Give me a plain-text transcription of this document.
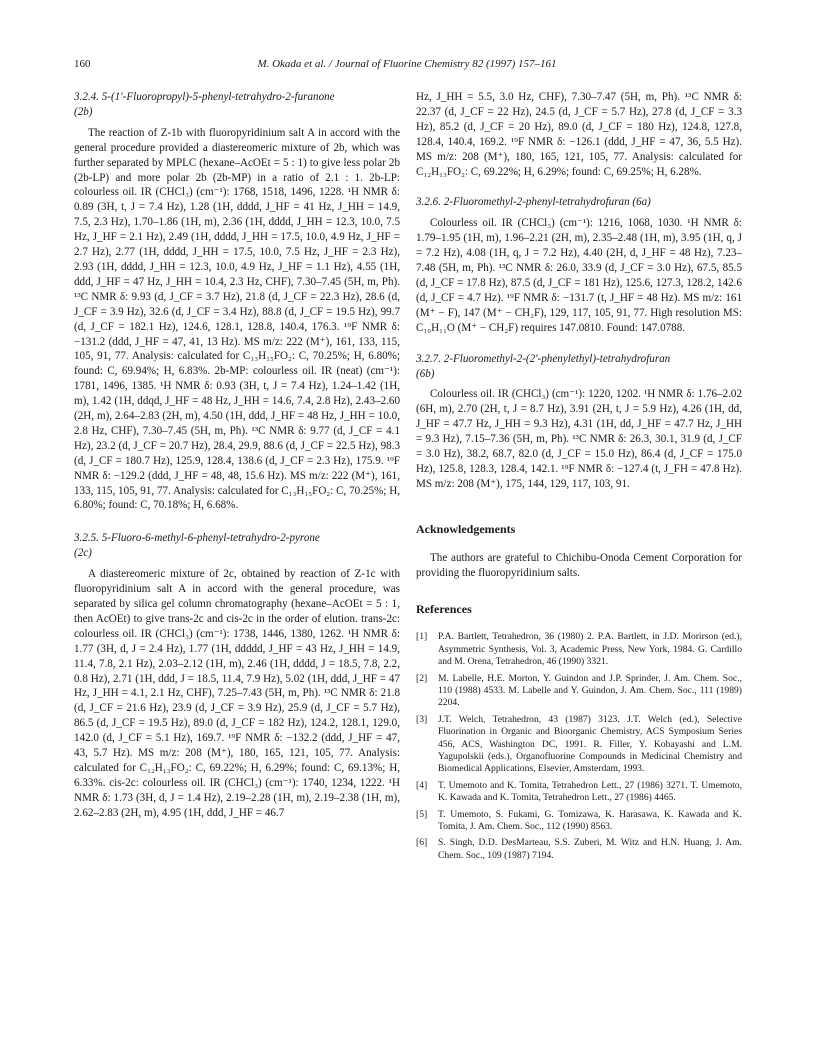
160	M. Okada et al. / Journal of Fluorine Chemistry 82 (1997) 157–161
3.2.4. 5-(1′-Fluoropropyl)-5-phenyl-tetrahydro-2-furanone
(2b)

The reaction of Z-1b with fluoropyridinium salt A in accord with the general procedure provided a diastereomeric mixture of 2b, which was further separated by MPLC (hexane–AcOEt = 5 : 1) to give less polar 2b (2b-LP) and more polar 2b (2b-MP) in a ratio of 2.1 : 1. 2b-LP: colourless oil. IR (CHCl₃) (cm⁻¹): 1768, 1518, 1496, 1228. ¹H NMR δ: 0.89 (3H, t, J = 7.4 Hz), 1.28 (1H, dddd, J_HF = 41 Hz, J_HH = 14.9, 7.5, 2.3 Hz), 1.70–1.86 (1H, m), 2.36 (1H, dddd, J_HH = 12.3, 10.0, 7.5 Hz, J_HF = 2.1 Hz), 2.49 (1H, dddd, J_HH = 17.5, 10.0, 4.9 Hz, J_HF = 2.7 Hz), 2.77 (1H, dddd, J_HH = 17.5, 10.0, 7.5 Hz, J_HF = 2.3 Hz), 2.93 (1H, dddd, J_HH = 12.3, 10.0, 4.9 Hz, J_HF = 1.1 Hz), 4.55 (1H, ddd, J_HF = 47 Hz, J_HH = 10.4, 2.3 Hz, CHF), 7.30–7.45 (5H, m, Ph). ¹³C NMR δ: 9.93 (d, J_CF = 3.7 Hz), 21.8 (d, J_CF = 22.3 Hz), 28.6 (d, J_CF = 3.9 Hz), 32.6 (d, J_CF = 3.4 Hz), 88.8 (d, J_CF = 19.5 Hz), 99.7 (d, J_CF = 182.1 Hz), 124.6, 128.1, 128.8, 140.4, 176.3. ¹⁹F NMR δ: −131.2 (ddd, J_HF = 47, 41, 13 Hz). MS m/z: 222 (M⁺), 161, 133, 115, 105, 91, 77. Analysis: calculated for C₁₃H₁₅FO₂: C, 70.25%; H, 6.80%; found: C, 69.94%; H, 6.83%. 2b-MP: colourless oil. IR (neat) (cm⁻¹): 1781, 1496, 1385. ¹H NMR δ: 0.93 (3H, t, J = 7.4 Hz), 1.24–1.42 (1H, m), 1.42 (1H, ddqd, J_HF = 48 Hz, J_HH = 14.6, 7.4, 2.8 Hz), 2.43–2.60 (2H, m), 2.64–2.83 (2H, m), 4.50 (1H, ddd, J_HF = 48 Hz, J_HH = 10.0, 2.8 Hz, CHF), 7.30–7.45 (5H, m, Ph). ¹³C NMR δ: 9.77 (d, J_CF = 4.1 Hz), 23.2 (d, J_CF = 20.7 Hz), 28.4, 29.9, 88.6 (d, J_CF = 22.5 Hz), 98.3 (d, J_CF = 180.7 Hz), 125.9, 128.4, 138.6 (d, J_CF = 2.3 Hz), 175.9. ¹⁹F NMR δ: −129.2 (ddd, J_HF = 48, 48, 15.6 Hz). MS m/z: 222 (M⁺), 161, 133, 115, 105, 91, 77. Analysis: calculated for C₁₃H₁₅FO₂: C, 70.25%; H, 6.80%; found: C, 70.18%; H, 6.68%.

3.2.5. 5-Fluoro-6-methyl-6-phenyl-tetrahydro-2-pyrone
(2c)

A diastereomeric mixture of 2c, obtained by reaction of Z-1c with fluoropyridinium salt A in accord with the general procedure, was separated by silica gel column chromatography (hexane–AcOEt = 5 : 1, then AcOEt) to give trans-2c and cis-2c in the order of elution. trans-2c: colourless oil. IR (CHCl₃) (cm⁻¹): 1738, 1446, 1380, 1262. ¹H NMR δ: 1.77 (3H, d, J = 2.4 Hz), 1.77 (1H, ddddd, J_HF = 43 Hz, J_HH = 14.9, 11.4, 7.8, 2.1 Hz), 2.03–2.12 (1H, m), 2.46 (1H, dddd, J = 18.5, 7.8, 2.2, 0.8 Hz), 2.71 (1H, ddd, J = 18.5, 11.4, 7.9 Hz), 5.02 (1H, ddd, J_HF = 47 Hz, J_HH = 4.1, 2.1 Hz, CHF), 7.25–7.43 (5H, m, Ph). ¹³C NMR δ: 21.8 (d, J_CF = 21.6 Hz), 23.9 (d, J_CF = 3.9 Hz), 25.9 (d, J_CF = 5.7 Hz), 86.5 (d, J_CF = 19.5 Hz), 89.0 (d, J_CF = 182 Hz), 124.2, 128.1, 129.0, 142.0 (d, J_CF = 5.1 Hz), 169.7. ¹⁹F NMR δ: −132.2 (ddd, J_HF = 47, 43, 5.7 Hz). MS m/z: 208 (M⁺), 180, 165, 121, 105, 77. Analysis: calculated for C₁₂H₁₃FO₂: C, 69.22%; H, 6.29%; found: C, 69.13%; H, 6.33%. cis-2c: colourless oil. IR (CHCl₃) (cm⁻¹): 1740, 1234, 1222. ¹H NMR δ: 1.73 (3H, d, J = 1.4 Hz), 2.19–2.28 (1H, m), 2.19–2.38 (1H, m), 2.62–2.83 (2H, m), 4.95 (1H, ddd, J_HF = 46.7

Hz, J_HH = 5.5, 3.0 Hz, CHF), 7.30–7.47 (5H, m, Ph). ¹³C NMR δ: 22.37 (d, J_CF = 22 Hz), 24.5 (d, J_CF = 5.7 Hz), 27.8 (d, J_CF = 3.3 Hz), 85.2 (d, J_CF = 20 Hz), 89.0 (d, J_CF = 180 Hz), 124.8, 127.8, 128.4, 140.4, 169.2. ¹⁹F NMR δ: −126.1 (ddd, J_HF = 47, 36, 5.5 Hz). MS m/z: 208 (M⁺), 180, 165, 121, 105, 77. Analysis: calculated for C₁₂H₁₃FO₂: C, 69.22%; H, 6.29%; found: C, 69.25%; H, 6.28%.

3.2.6. 2-Fluoromethyl-2-phenyl-tetrahydrofuran (6a)

Colourless oil. IR (CHCl₃) (cm⁻¹): 1216, 1068, 1030. ¹H NMR δ: 1.79–1.95 (1H, m), 1.96–2.21 (2H, m), 2.35–2.48 (1H, m), 3.95 (1H, q, J = 7.2 Hz), 4.08 (1H, q, J = 7.2 Hz), 4.40 (2H, d, J_HF = 48 Hz), 7.23–7.48 (5H, m, Ph). ¹³C NMR δ: 26.0, 33.9 (d, J_CF = 3.0 Hz), 67.5, 85.5 (d, J_CF = 17.8 Hz), 87.5 (d, J_CF = 181 Hz), 125.6, 127.3, 128.2, 142.6 (d, J_CF = 4.7 Hz). ¹⁹F NMR δ: −131.7 (t, J_HF = 48 Hz). MS m/z: 161 (M⁺ − F), 147 (M⁺ − CH₂F), 129, 117, 105, 91, 77. High resolution MS: C₁₀H₁₁O (M⁺ − CH₂F) requires 147.0810. Found: 147.0788.

3.2.7. 2-Fluoromethyl-2-(2′-phenylethyl)-tetrahydrofuran
(6b)

Colourless oil. IR (CHCl₃) (cm⁻¹): 1220, 1202. ¹H NMR δ: 1.76–2.02 (6H, m), 2.70 (2H, t, J = 8.7 Hz), 3.91 (2H, t, J = 5.9 Hz), 4.26 (1H, dd, J_HF = 47.7 Hz, J_HH = 9.3 Hz), 4.31 (1H, dd, J_HF = 47.7 Hz, J_HH = 9.3 Hz), 7.15–7.36 (5H, m, Ph). ¹³C NMR δ: 26.3, 30.1, 31.9 (d, J_CF = 3.0 Hz), 38.2, 68.7, 82.0 (d, J_CF = 15.0 Hz), 86.4 (d, J_CF = 175.0 Hz), 125.8, 128.3, 128.4, 142.1. ¹⁹F NMR δ: −127.4 (t, J_FH = 47.8 Hz). MS m/z: 208 (M⁺), 175, 144, 129, 117, 103, 91.

Acknowledgements

The authors are grateful to Chichibu-Onoda Cement Corporation for providing the fluoropyridinium salts.

References
[1] P.A. Bartlett, Tetrahedron, 36 (1980) 2. P.A. Bartlett, in J.D. Morirson (ed.), Asymmetric Synthesis, Vol. 3, Academic Press, New York, 1984. G. Cardillo and M. Orena, Tetrahedron, 46 (1990) 3321.
[2] M. Labelle, H.E. Morton, Y. Guindon and J.P. Sprinder, J. Am. Chem. Soc., 110 (1988) 4533. M. Labelle and Y. Guindon, J. Am. Chem. Soc., 111 (1989) 2204.
[3] J.T. Welch, Tetrahedron, 43 (1987) 3123. J.T. Welch (ed.), Selective Fluorination in Organic and Bioorganic Chemistry, ACS Symposium Series 456, ACS, Washington DC, 1991. R. Filler, Y. Kobayashi and L.M. Yagupolskii (eds.), Organofluorine Compounds in Medicinal Chemistry and Biomedical Applications, Elsevier, Amsterdam, 1993.
[4] T. Umemoto and K. Tomita, Tetrahedron Lett., 27 (1986) 3271. T. Umemoto, K. Kawada and K. Tomita, Tetrahedron Lett., 27 (1986) 4465.
[5] T. Umemoto, S. Fukami, G. Tomizawa, K. Harasawa, K. Kawada and K. Tomita, J. Am. Chem. Soc., 112 (1990) 8563.
[6] S. Singh, D.D. DesMarteau, S.S. Zuberi, M. Witz and H.N. Huang, J. Am. Chem. Soc., 109 (1987) 7194.
